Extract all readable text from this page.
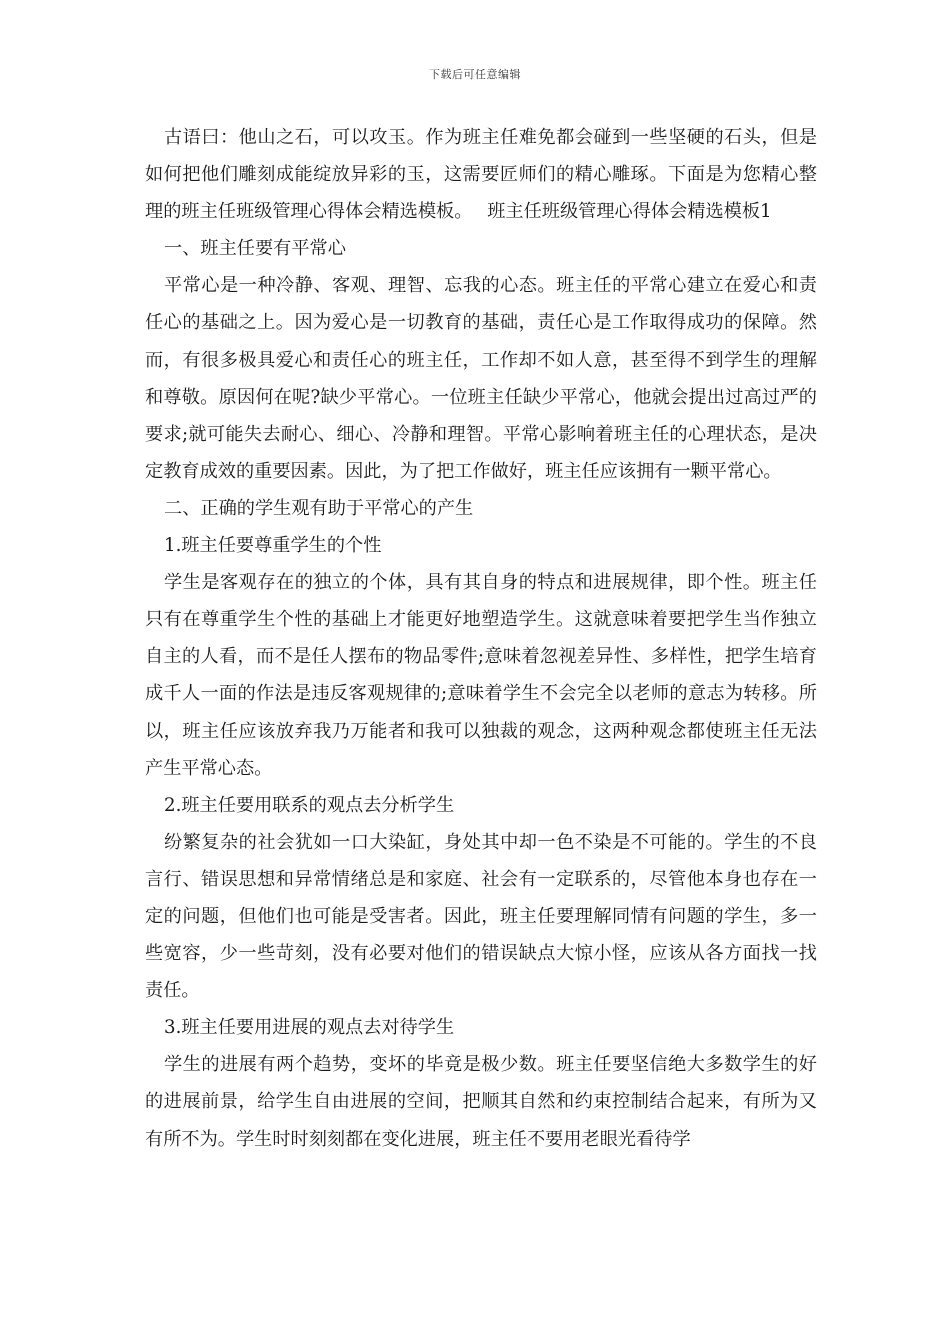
下载后可任意编辑

古语曰：他山之石，可以攻玉。作为班主任难免都会碰到一些坚硬的石头，但是如何把他们雕刻成能绽放异彩的玉，这需要匠师们的精心雕琢。下面是为您精心整理的班主任班级管理心得体会精选模板。　 班主任班级管理心得体会精选模板1

一、班主任要有平常心

平常心是一种冷静、客观、理智、忘我的心态。班主任的平常心建立在爱心和责任心的基础之上。因为爱心是一切教育的基础，责任心是工作取得成功的保障。然而，有很多极具爱心和责任心的班主任，工作却不如人意，甚至得不到学生的理解和尊敬。原因何在呢?缺少平常心。一位班主任缺少平常心，他就会提出过高过严的要求;就可能失去耐心、细心、冷静和理智。平常心影响着班主任的心理状态，是决定教育成效的重要因素。因此，为了把工作做好，班主任应该拥有一颗平常心。

二、正确的学生观有助于平常心的产生

1.班主任要尊重学生的个性

学生是客观存在的独立的个体，具有其自身的特点和进展规律，即个性。班主任只有在尊重学生个性的基础上才能更好地塑造学生。这就意味着要把学生当作独立自主的人看，而不是任人摆布的物品零件;意味着忽视差异性、多样性，把学生培育成千人一面的作法是违反客观规律的;意味着学生不会完全以老师的意志为转移。所以，班主任应该放弃我乃万能者和我可以独裁的观念，这两种观念都使班主任无法产生平常心态。

2.班主任要用联系的观点去分析学生

纷繁复杂的社会犹如一口大染缸，身处其中却一色不染是不可能的。学生的不良言行、错误思想和异常情绪总是和家庭、社会有一定联系的，尽管他本身也存在一定的问题，但他们也可能是受害者。因此，班主任要理解同情有问题的学生，多一些宽容，少一些苛刻，没有必要对他们的错误缺点大惊小怪，应该从各方面找一找责任。

3.班主任要用进展的观点去对待学生

学生的进展有两个趋势，变坏的毕竟是极少数。班主任要坚信绝大多数学生的好的进展前景，给学生自由进展的空间，把顺其自然和约束控制结合起来，有所为又有所不为。学生时时刻刻都在变化进展，班主任不要用老眼光看待学
